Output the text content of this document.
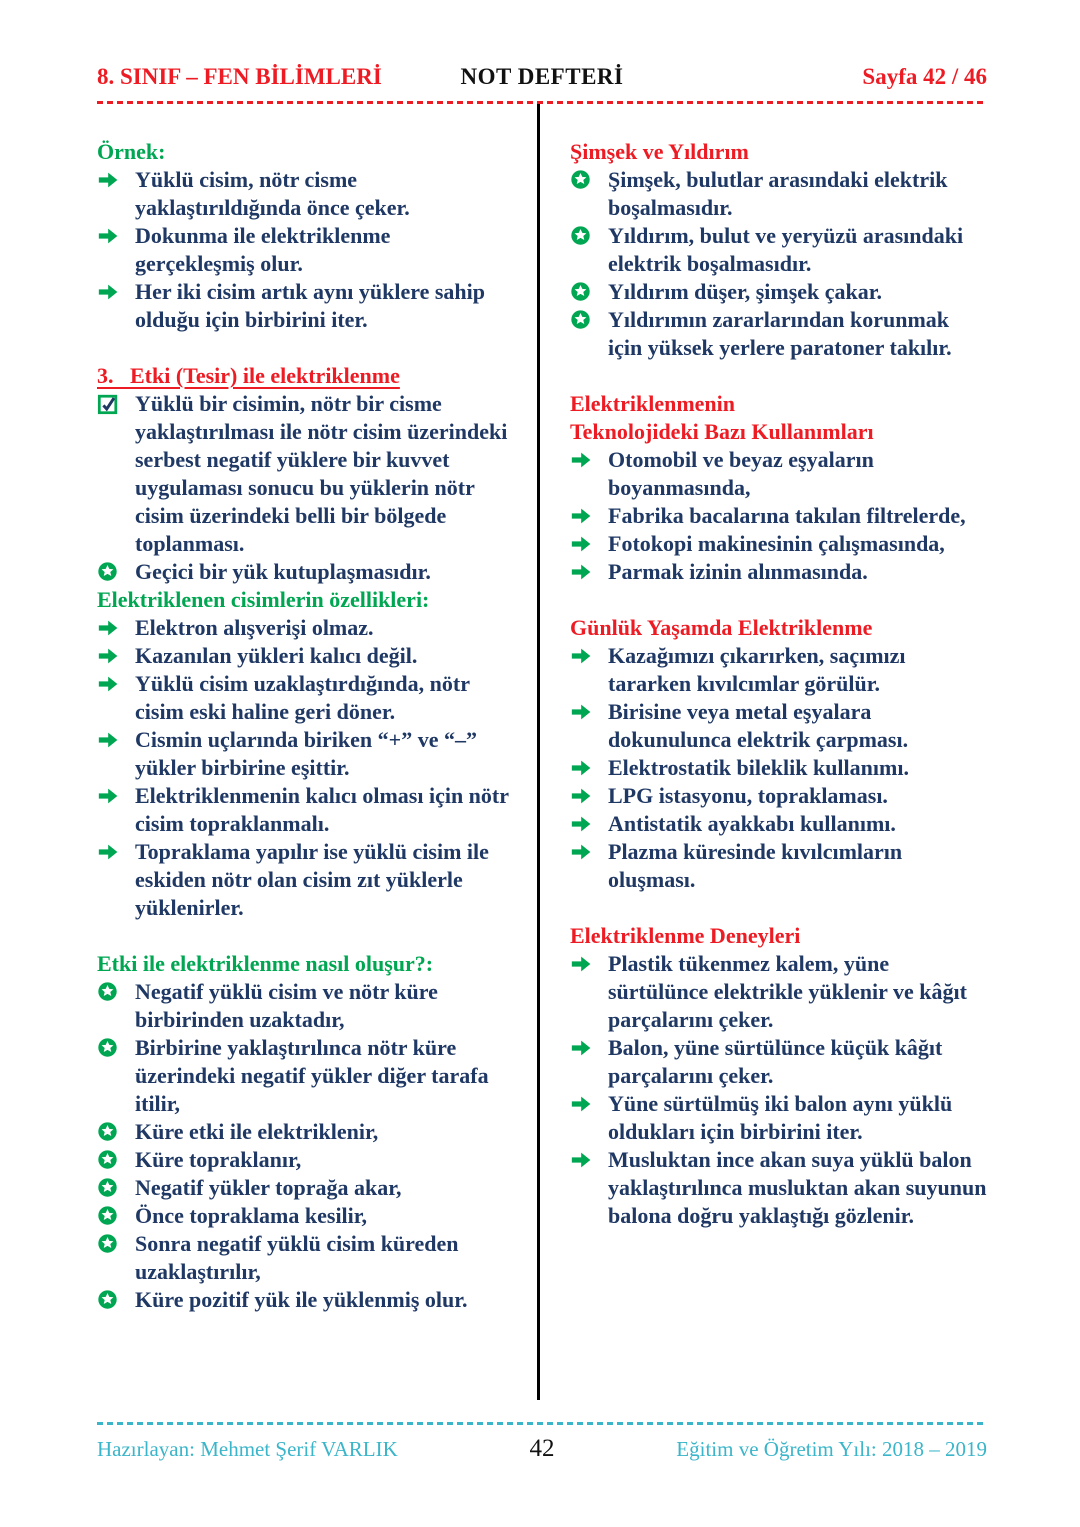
8. SINIF – FEN BİLİMLERİ	NOT DEFTERİ	Sayfa 42 / 46
Örnek:
Yüklü cisim, nötr cisme yaklaştırıldığında önce çeker.
Dokunma ile elektriklenme gerçekleşmiş olur.
Her iki cisim artık aynı yüklere sahip olduğu için birbirini iter.
3.   Etki (Tesir) ile elektriklenme
Yüklü bir cisimin, nötr bir cisme yaklaştırılması ile nötr cisim üzerindeki serbest negatif yüklere bir kuvvet uygulaması sonucu bu yüklerin nötr cisim üzerindeki belli bir bölgede toplanması.
Geçici bir yük kutuplaşmasıdır.
Elektriklenen cisimlerin özellikleri:
Elektron alışverişi olmaz.
Kazanılan yükleri kalıcı değil.
Yüklü cisim uzaklaştırdığında, nötr cisim eski haline geri döner.
Cismin uçlarında biriken “+” ve “–” yükler birbirine eşittir.
Elektriklenmenin kalıcı olması için nötr cisim topraklanmalı.
Topraklama yapılır ise yüklü cisim ile eskiden nötr olan cisim zıt yüklerle yüklenirler.
Etki ile elektriklenme nasıl oluşur?:
Negatif yüklü cisim ve nötr küre birbirinden uzaktadır,
Birbirine yaklaştırılınca nötr küre üzerindeki negatif yükler diğer tarafa itilir,
Küre etki ile elektriklenir,
Küre topraklanır,
Negatif yükler toprağa akar,
Önce topraklama kesilir,
Sonra negatif yüklü cisim küreden uzaklaştırılır,
Küre pozitif yük ile yüklenmiş olur.
Şimşek ve Yıldırım
Şimşek, bulutlar arasındaki elektrik boşalmasıdır.
Yıldırım, bulut ve yeryüzü arasındaki elektrik boşalmasıdır.
Yıldırım düşer, şimşek çakar.
Yıldırımın zararlarından korunmak için yüksek yerlere paratoner takılır.
Elektriklenmenin
Teknolojideki Bazı Kullanımları
Otomobil ve beyaz eşyaların boyanmasında,
Fabrika bacalarına takılan filtrelerde,
Fotokopi makinesinin çalışmasında,
Parmak izinin alınmasında.
Günlük Yaşamda Elektriklenme
Kazağımızı çıkarırken, saçımızı tararken kıvılcımlar görülür.
Birisine veya metal eşyalara dokunulunca elektrik çarpması.
Elektrostatik bileklik kullanımı.
LPG istasyonu, topraklaması.
Antistatik ayakkabı kullanımı.
Plazma küresinde kıvılcımların oluşması.
Elektriklenme Deneyleri
Plastik tükenmez kalem, yüne sürtülünce elektrikle yüklenir ve kâğıt parçalarını çeker.
Balon, yüne sürtülünce küçük kâğıt parçalarını çeker.
Yüne sürtülmüş iki balon aynı yüklü oldukları için birbirini iter.
Musluktan ince akan suya yüklü balon yaklaştırılınca musluktan akan suyunun balona doğru yaklaştığı gözlenir.
Hazırlayan: Mehmet Şerif VARLIK	42	Eğitim ve Öğretim Yılı: 2018 – 2019
